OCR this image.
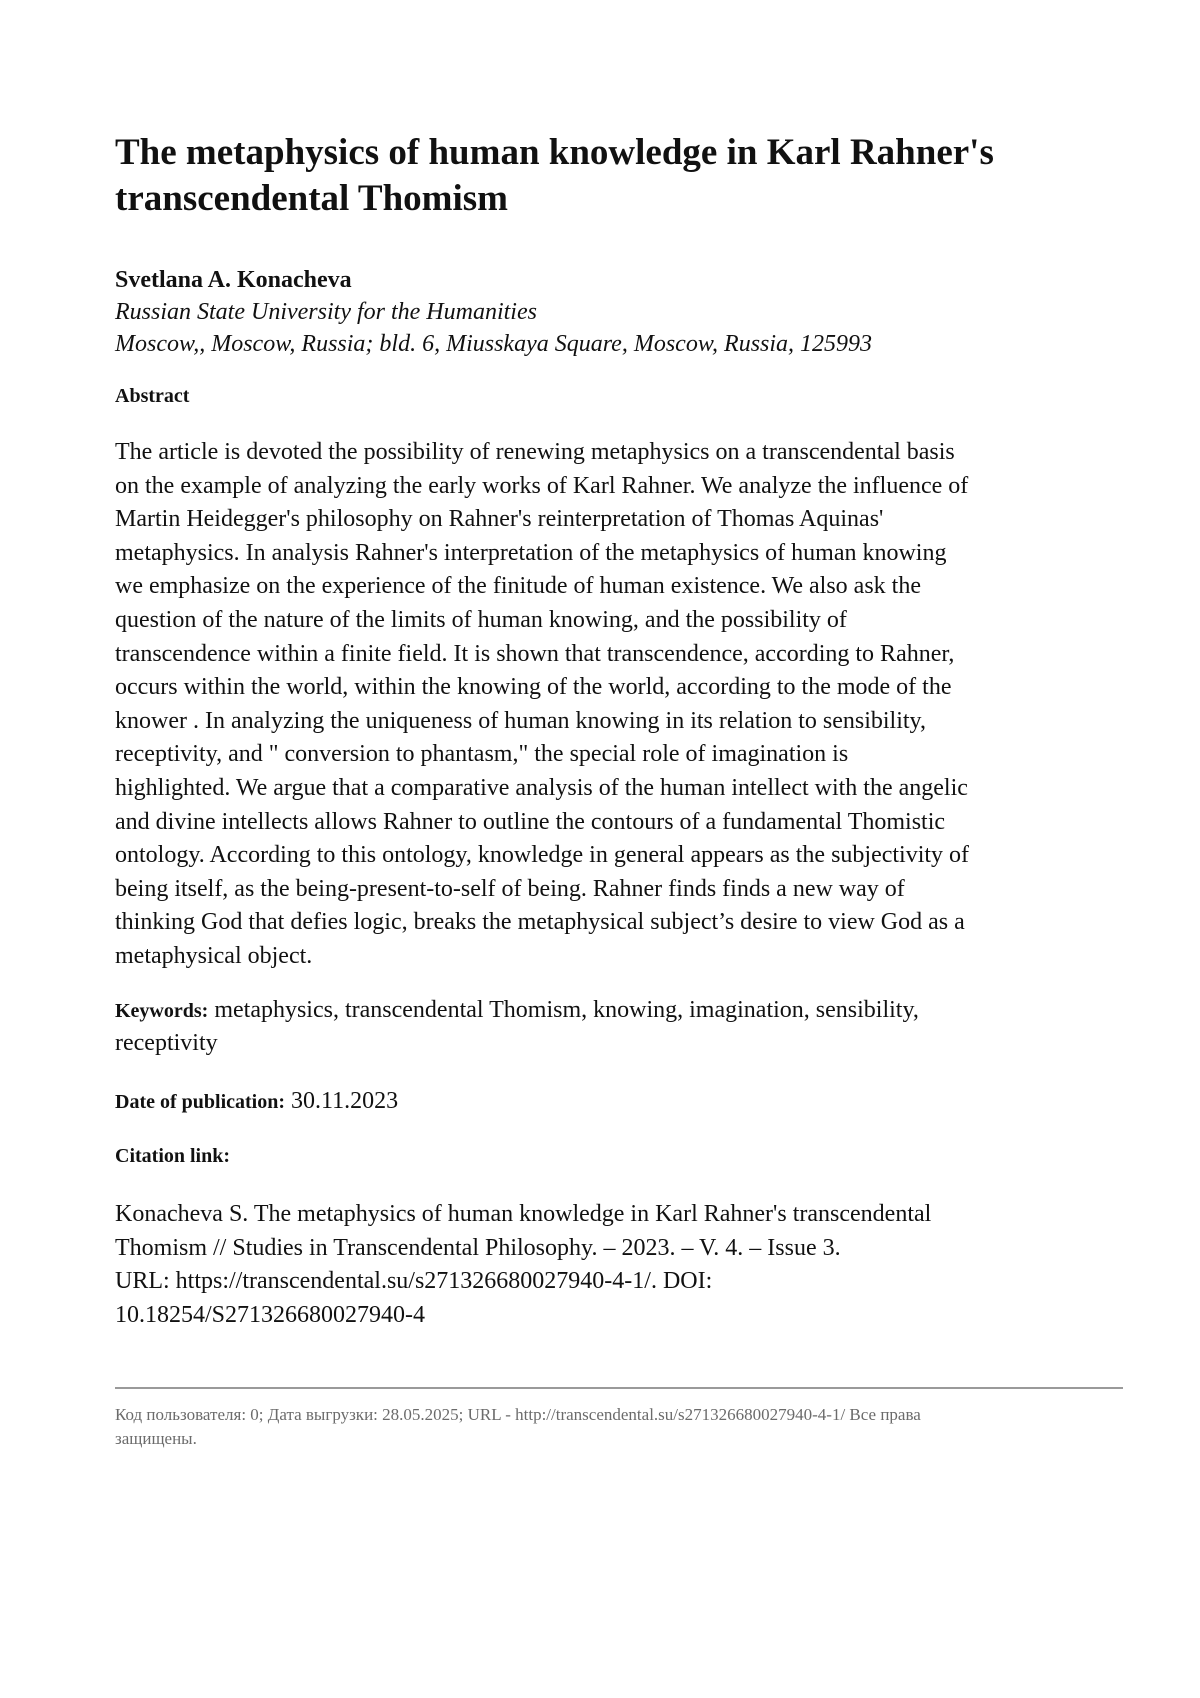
The metaphysics of human knowledge in Karl Rahner's transcendental Thomism
Svetlana A. Konacheva
Russian State University for the Humanities
Moscow,, Moscow, Russia; bld. 6, Miusskaya Square, Moscow, Russia, 125993
Abstract
The article is devoted the possibility of renewing metaphysics on a transcendental basis
on the example of analyzing the early works of Karl Rahner. We analyze the influence of
Martin Heidegger's philosophy on Rahner's reinterpretation of Thomas Aquinas'
metaphysics. In analysis Rahner's interpretation of the metaphysics of human knowing
we emphasize on the experience of the finitude of human existence. We also ask the
question of the nature of the limits of human knowing, and the possibility of
transcendence within a finite field. It is shown that transcendence, according to Rahner,
occurs within the world, within the knowing of the world, according to the mode of the
knower . In analyzing the uniqueness of human knowing in its relation to sensibility,
receptivity, and " conversion to phantasm," the special role of imagination is
highlighted. We argue that a comparative analysis of the human intellect with the angelic
and divine intellects allows Rahner to outline the contours of a fundamental Thomistic
ontology. According to this ontology, knowledge in general appears as the subjectivity of
being itself, as the being-present-to-self of being. Rahner finds finds a new way of
thinking God that defies logic, breaks the metaphysical subject’s desire to view God as a
metaphysical object.
Keywords: metaphysics, transcendental Thomism, knowing, imagination, sensibility,
receptivity
Date of publication: 30.11.2023
Citation link:
Konacheva S. The metaphysics of human knowledge in Karl Rahner's transcendental
Thomism // Studies in Transcendental Philosophy. – 2023. – V. 4. – Issue 3.
URL: https://transcendental.su/s271326680027940-4-1/. DOI:
10.18254/S271326680027940-4
Код пользователя: 0; Дата выгрузки: 28.05.2025; URL - http://transcendental.su/s271326680027940-4-1/ Все права
защищены.
